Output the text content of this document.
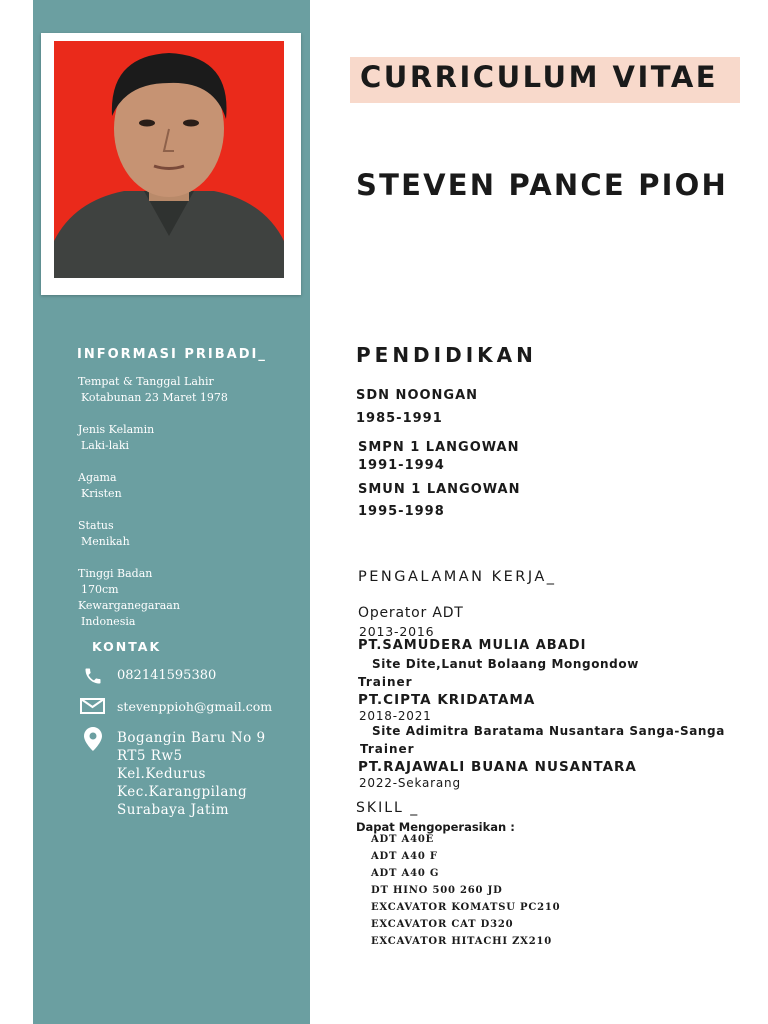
INFORMASI PRIBADI_
Tempat & Tanggal Lahir
Kotabunan 23 Maret 1978
Jenis Kelamin
Laki-laki
Agama
Kristen
Status
Menikah
Tinggi Badan
170cm
Kewarganegaraan
Indonesia
KONTAK
082141595380
stevenppioh@gmail.com
Bogangin Baru No 9
RT5 Rw5
Kel.Kedurus
Kec.Karangpilang
Surabaya Jatim
CURRICULUM VITAE
STEVEN PANCE PIOH
PENDIDIKAN
SDN NOONGAN
1985-1991
SMPN 1 LANGOWAN
1991-1994
SMUN 1 LANGOWAN
1995-1998
PENGALAMAN KERJA_
Operator ADT
2013-2016
PT.SAMUDERA MULIA ABADI
Site Dite,Lanut Bolaang Mongondow
Trainer
PT.CIPTA KRIDATAMA
2018-2021
Site Adimitra Baratama Nusantara Sanga-Sanga
Trainer
PT.RAJAWALI BUANA NUSANTARA
2022-Sekarang
SKILL _
Dapat Mengoperasikan :
ADT A40E
ADT A40 F
ADT A40 G
DT HINO 500 260 JD
EXCAVATOR KOMATSU PC210
EXCAVATOR CAT D320
EXCAVATOR HITACHI ZX210
